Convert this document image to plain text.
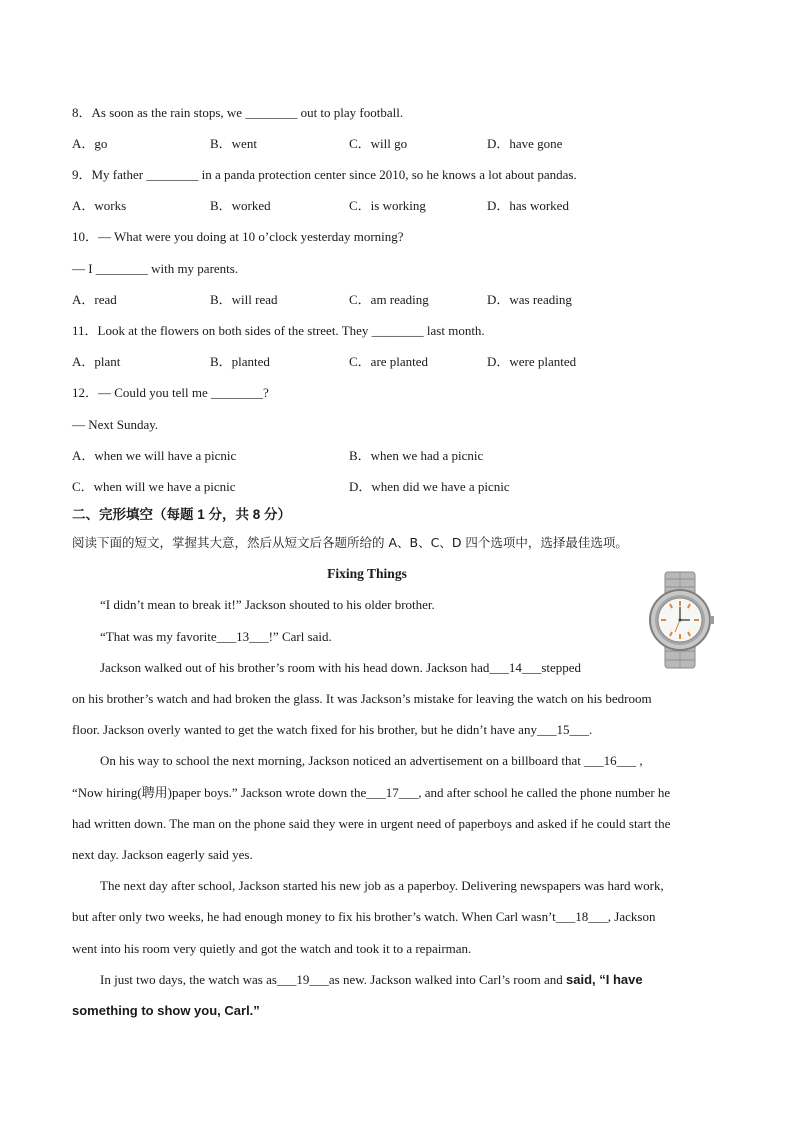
8．As soon as the rain stops, we ________ out to play football.
A．go	B．went	C．will go	D．have gone
9．My father ________ in a panda protection center since 2010, so he knows a lot about pandas.
A．works	B．worked	C．is working	D．has worked
10．— What were you doing at 10 o’clock yesterday morning?
— I ________ with my parents.
A．read	B．will read	C．am reading	D．was reading
11．Look at the flowers on both sides of the street. They ________ last month.
A．plant	B．planted	C．are planted	D．were planted
12．— Could you tell me ________?
— Next Sunday.
A．when we will have a picnic	B．when we had a picnic
C．when will we have a picnic	D．when did we have a picnic
二、完形填空（每题 1 分，共 8 分）
阅读下面的短文，掌握其大意，然后从短文后各题所给的 A、B、C、D 四个选项中，选择最佳选项。
Fixing Things
“I didn’t mean to break it!” Jackson shouted to his older brother.
“That was my favorite___13___!” Carl said.
Jackson walked out of his brother’s room with his head down. Jackson had___14___stepped
on his brother’s watch and had broken the glass. It was Jackson’s mistake for leaving the watch on his bedroom
floor. Jackson overly wanted to get the watch fixed for his brother, but he didn’t have any___15___.
On his way to school the next morning, Jackson noticed an advertisement on a billboard that ___16___ ,
“Now hiring(聘用)paper boys.” Jackson wrote down the___17___, and after school he called the phone number he
had written down. The man on the phone said they were in urgent need of paperboys and asked if he could start the
next day. Jackson eagerly said yes.
The next day after school, Jackson started his new job as a paperboy. Delivering newspapers was hard work,
but after only two weeks, he had enough money to fix his brother’s watch. When Carl wasn’t___18___, Jackson
went into his room very quietly and got the watch and took it to a repairman.
In just two days, the watch was as___19___as new. Jackson walked into Carl’s room and said, “I have
something to show you, Carl.”
